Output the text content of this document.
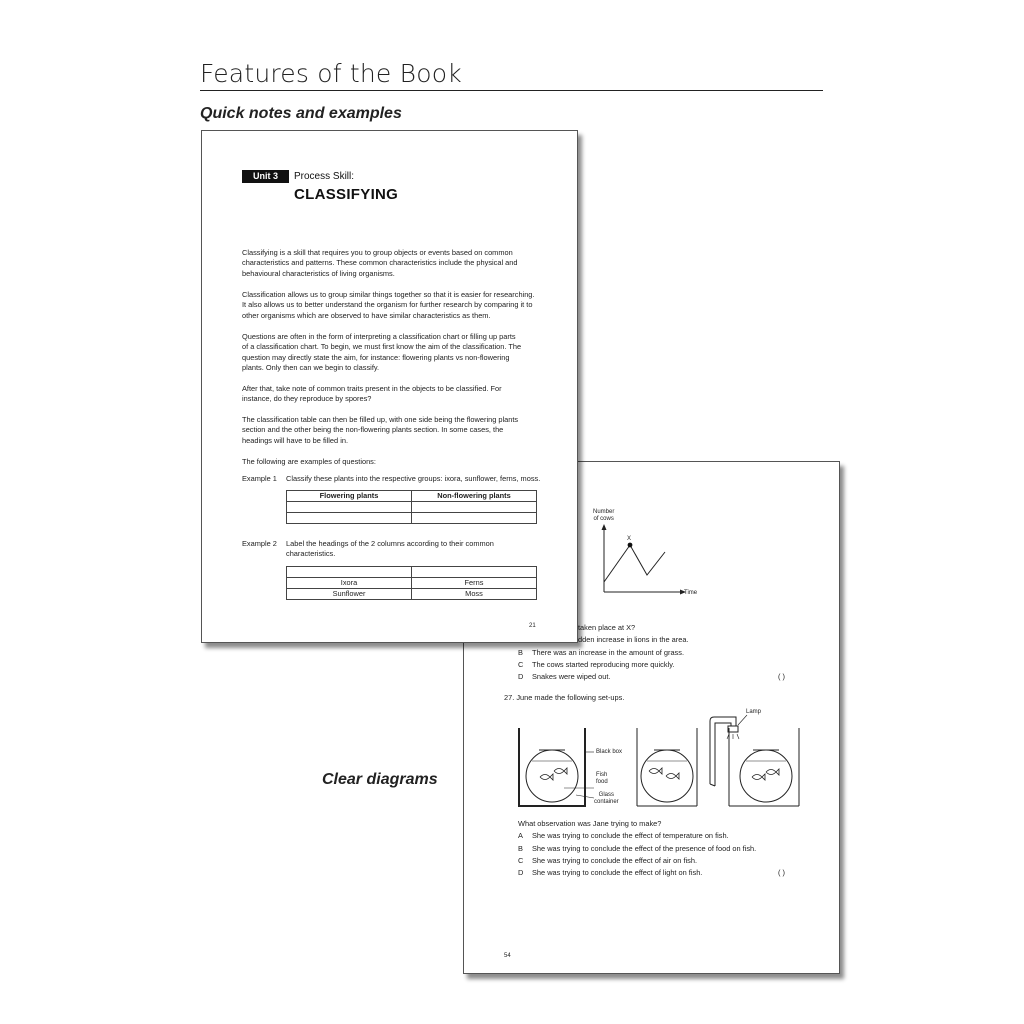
Features of the Book
Quick notes and examples
Clear diagrams
Number
of cows
X
Time
taken place at X?
dden increase in lions in the area.
B There was an increase in the amount of grass.
C The cows started reproducing more quickly.
D Snakes were wiped out.	( )
27. June made the following set-ups.
Lamp
Black box
Fish
food
Glass
container
What observation was Jane trying to make?
A She was trying to conclude the effect of temperature on fish.
B She was trying to conclude the effect of the presence of food on fish.
C She was trying to conclude the effect of air on fish.
D She was trying to conclude the effect of light on fish.	( )
54
Unit 3	Process Skill:
CLASSIFYING
Classifying is a skill that requires you to group objects or events based on common
characteristics and patterns. These common characteristics include the physical and
behavioural characteristics of living organisms.
Classification allows us to group similar things together so that it is easier for researching.
It also allows us to better understand the organism for further research by comparing it to
other organisms which are observed to have similar characteristics as them.
Questions are often in the form of interpreting a classification chart or filling up parts
of a classification chart. To begin, we must first know the aim of the classification. The
question may directly state the aim, for instance: flowering plants vs non-flowering
plants. Only then can we begin to classify.
After that, take note of common traits present in the objects to be classified. For
instance, do they reproduce by spores?
The classification table can then be filled up, with one side being the flowering plants
section and the other being the non-flowering plants section. In some cases, the
headings will have to be filled in.
The following are examples of questions:
Example 1 Classify these plants into the respective groups: ixora, sunflower, ferns, moss.
Flowering plants	Non-flowering plants

Example 2 Label the headings of the 2 columns according to their common
characteristics.

Ixora	Ferns
Sunflower	Moss
21
